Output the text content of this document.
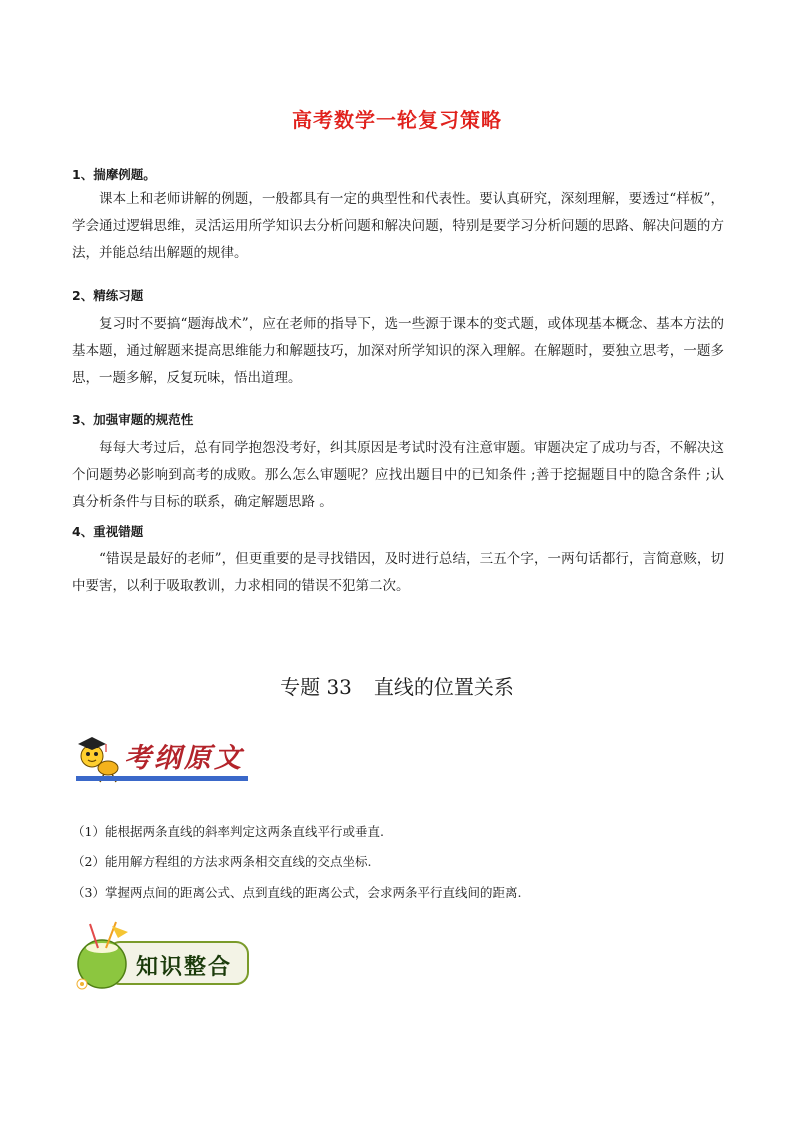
高考数学一轮复习策略
1、揣摩例题。
课本上和老师讲解的例题，一般都具有一定的典型性和代表性。要认真研究，深刻理解，要透过“样板”，学会通过逻辑思维，灵活运用所学知识去分析问题和解决问题，特别是要学习分析问题的思路、解决问题的方法，并能总结出解题的规律。
2、精练习题
复习时不要搞“题海战术”，应在老师的指导下，选一些源于课本的变式题，或体现基本概念、基本方法的基本题，通过解题来提高思维能力和解题技巧，加深对所学知识的深入理解。在解题时，要独立思考，一题多思，一题多解，反复玩味，悟出道理。
3、加强审题的规范性
每每大考过后，总有同学抱怨没考好，纠其原因是考试时没有注意审题。审题决定了成功与否，不解决这个问题势必影响到高考的成败。那么怎么审题呢？应找出题目中的已知条件 ;善于挖掘题目中的隐含条件 ;认真分析条件与目标的联系，确定解题思路 。
4、重视错题
“错误是最好的老师”，但更重要的是寻找错因，及时进行总结，三五个字，一两句话都行，言简意赅，切中要害，以利于吸取教训，力求相同的错误不犯第二次。
专题 33 直线的位置关系
考纲原文
（1）能根据两条直线的斜率判定这两条直线平行或垂直.
（2）能用解方程组的方法求两条相交直线的交点坐标.
（3）掌握两点间的距离公式、点到直线的距离公式，会求两条平行直线间的距离.
知识整合
